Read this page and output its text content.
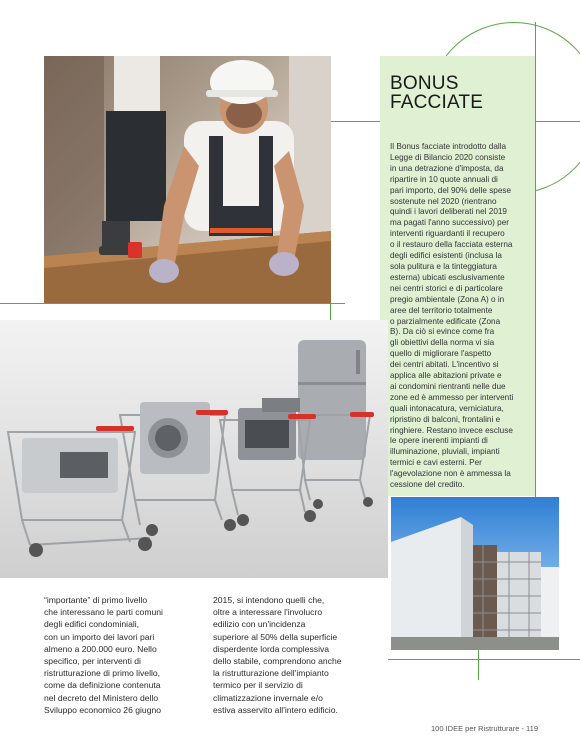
BONUS
FACCIATE

Il Bonus facciate introdotto dalla
Legge di Bilancio 2020 consiste
in una detrazione d'imposta, da
ripartire in 10 quote annuali di
pari importo, del 90% delle spese
sostenute nel 2020 (rientrano
quindi i lavori deliberati nel 2019
ma pagati l'anno successivo) per
interventi riguardanti il recupero
o il restauro della facciata esterna
degli edifici esistenti (inclusa la
sola pulitura e la tinteggiatura
esterna) ubicati esclusivamente
nei centri storici e di particolare
pregio ambientale (Zona A) o in
aree del territorio totalmente
o parzialmente edificate (Zona
B). Da ciò si evince come fra
gli obiettivi della norma vi sia
quello di migliorare l'aspetto
dei centri abitati. L'incentivo si
applica alle abitazioni private e
ai condomini rientranti nelle due
zone ed è ammesso per interventi
quali intonacatura, verniciatura,
ripristino di balconi, frontalini e
ringhiere. Restano invece escluse
le opere inerenti impianti di
illuminazione, pluviali, impianti
termici e cavi esterni. Per
l'agevolazione non è ammessa la
cessione del credito.

“importante” di primo livello
che interessano le parti comuni
degli edifici condominiali,
con un importo dei lavori pari
almeno a 200.000 euro. Nello
specifico, per interventi di
ristrutturazione di primo livello,
come da definizione contenuta
nel decreto del Ministero dello
Sviluppo economico 26 giugno

2015, si intendono quelli che,
oltre a interessare l'involucro
edilizio con un'incidenza
superiore al 50% della superficie
disperdente lorda complessiva
dello stabile, comprendono anche
la ristrutturazione dell'impianto
termico per il servizio di
climatizzazione invernale e/o
estiva asservito all'intero edificio.

100 IDEE per Ristrutturare - 119
